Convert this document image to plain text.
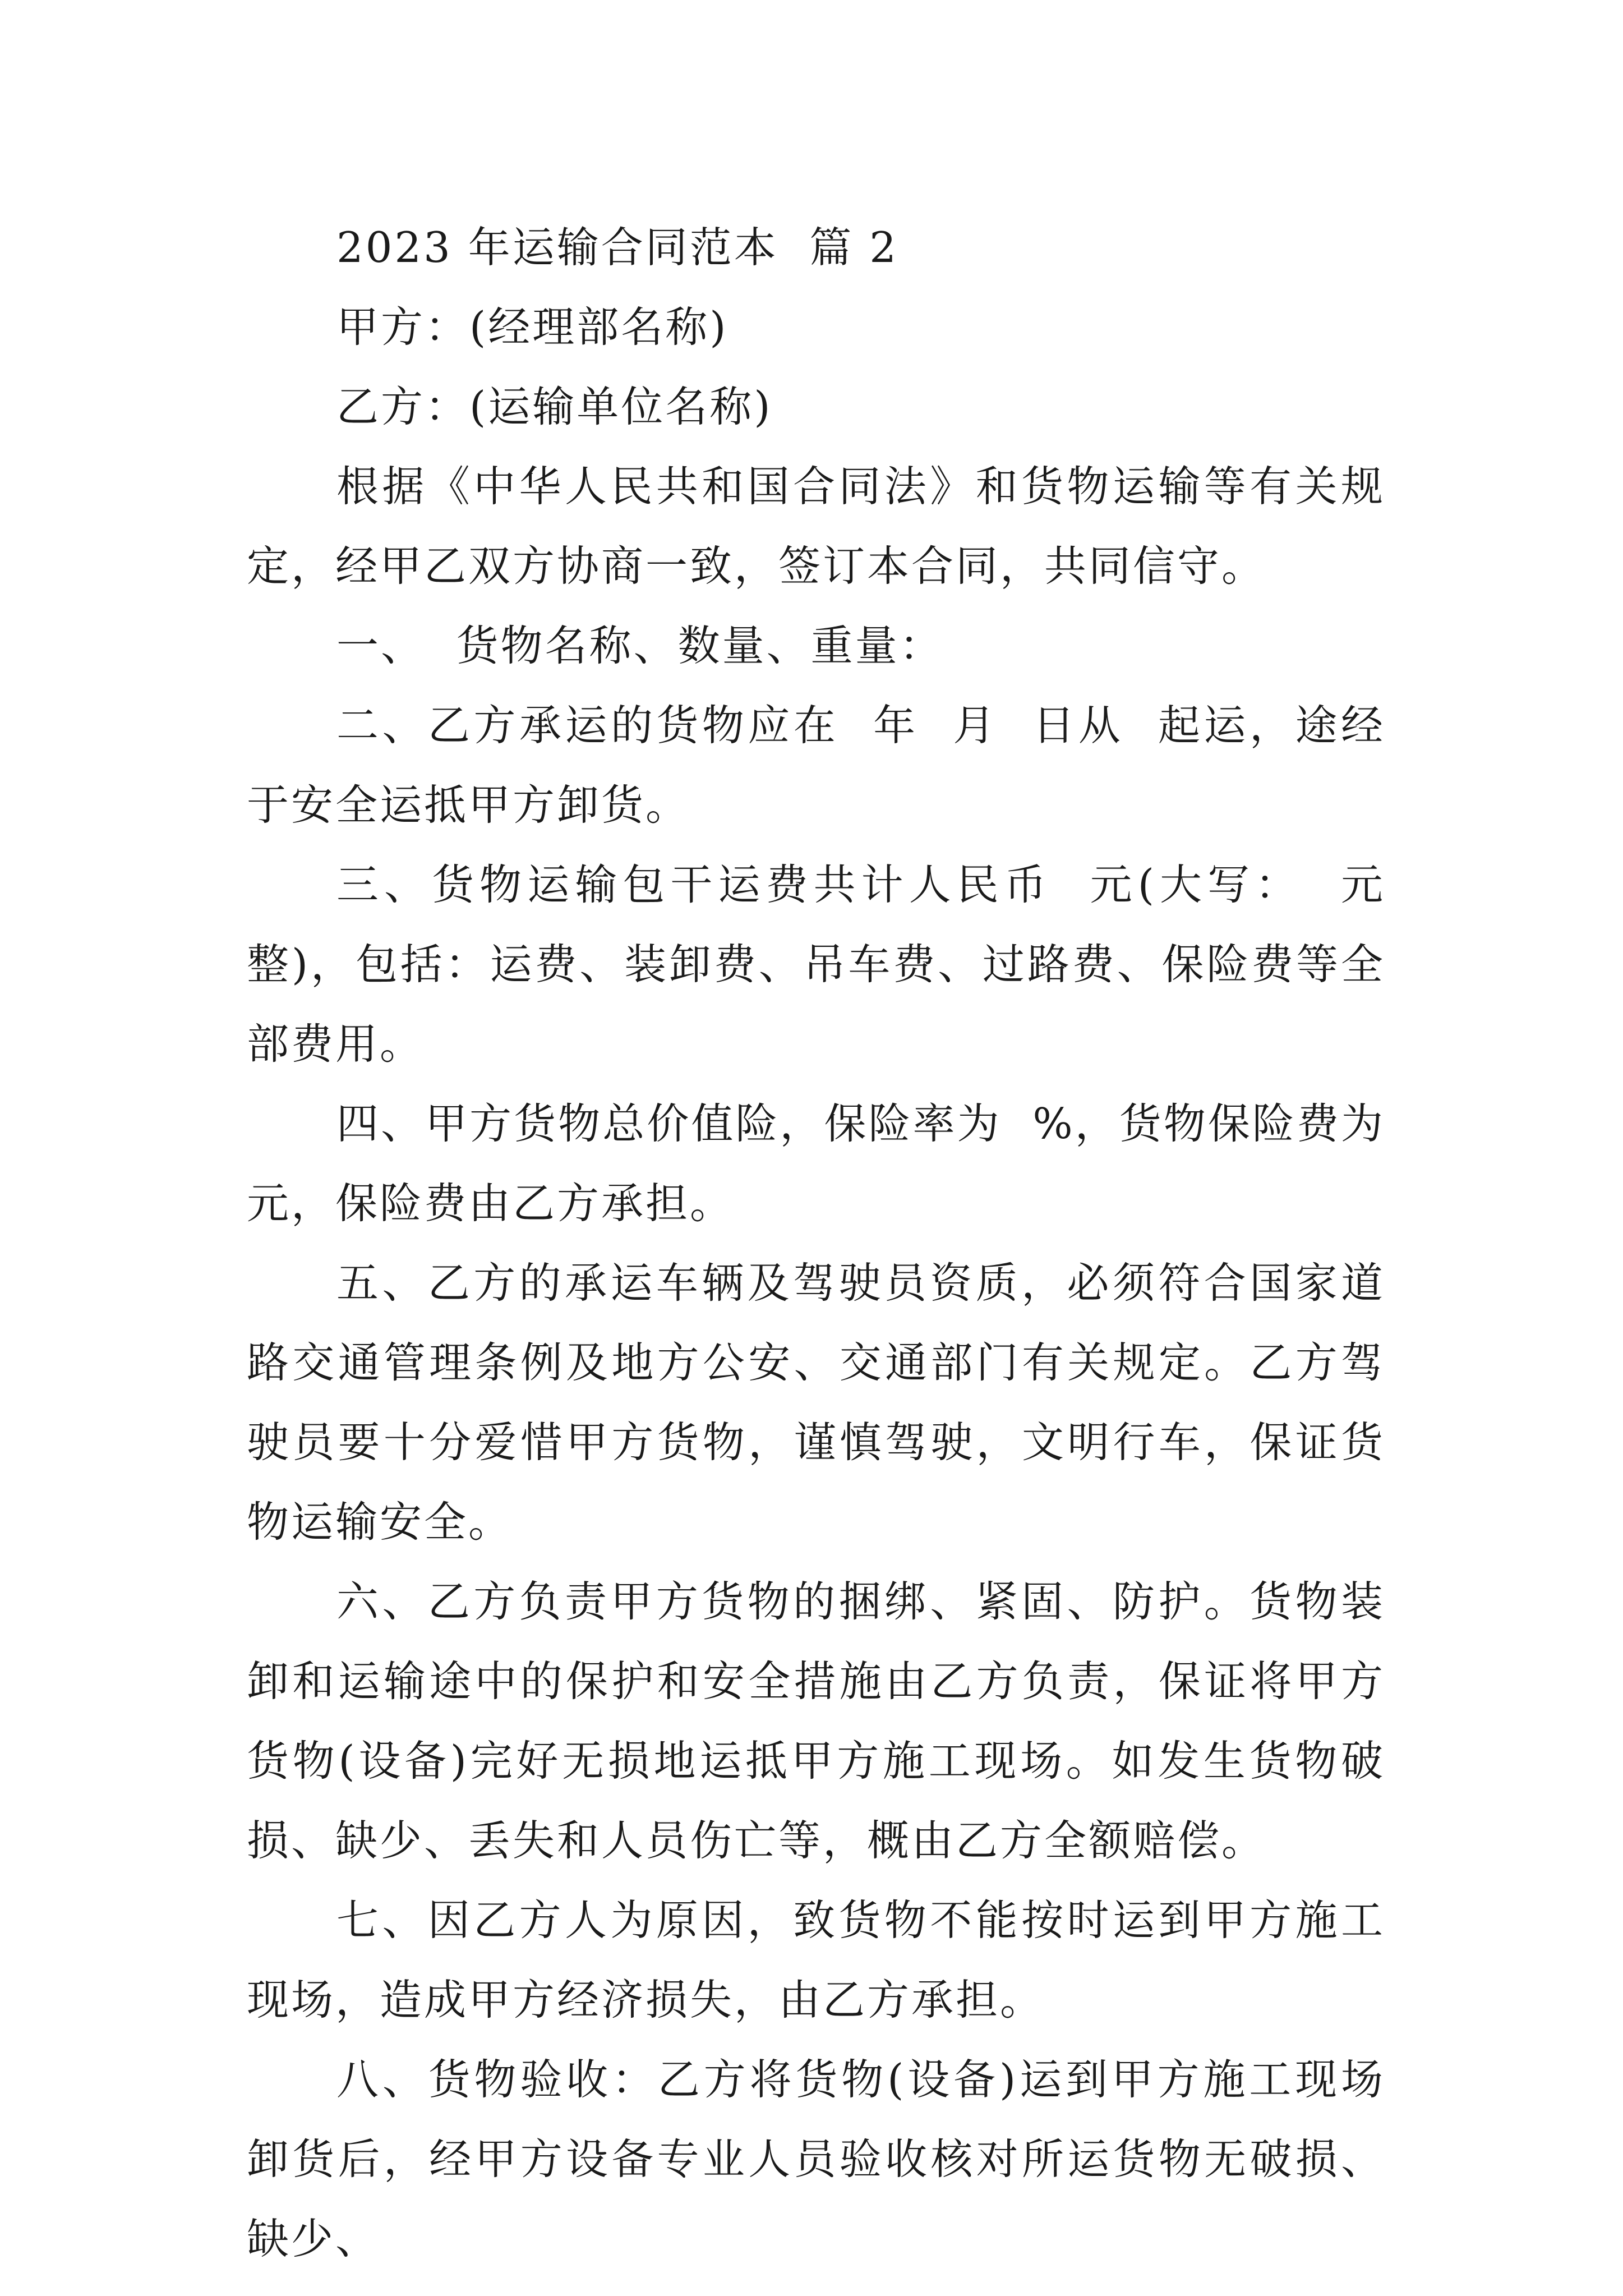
2023 年运输合同范本  篇 2

甲方：(经理部名称)

乙方：(运输单位名称)

根据《中华人民共和国合同法》和货物运输等有关规定，经甲乙双方协商一致，签订本合同，共同信守。

一、  货物名称、数量、重量：

二、乙方承运的货物应在  年  月  日从  起运，途经于安全运抵甲方卸货。

三、货物运输包干运费共计人民币  元(大写：  元整)，包括：运费、装卸费、吊车费、过路费、保险费等全部费用。

四、甲方货物总价值险，保险率为  %，货物保险费为  元，保险费由乙方承担。

五、乙方的承运车辆及驾驶员资质，必须符合国家道路交通管理条例及地方公安、交通部门有关规定。乙方驾驶员要十分爱惜甲方货物，谨慎驾驶，文明行车，保证货物运输安全。

六、乙方负责甲方货物的捆绑、紧固、防护。货物装卸和运输途中的保护和安全措施由乙方负责，保证将甲方货物(设备)完好无损地运抵甲方施工现场。如发生货物破损、缺少、丢失和人员伤亡等，概由乙方全额赔偿。

七、因乙方人为原因，致货物不能按时运到甲方施工现场，造成甲方经济损失，由乙方承担。

八、货物验收：乙方将货物(设备)运到甲方施工现场卸货后，经甲方设备专业人员验收核对所运货物无破损、缺少、
